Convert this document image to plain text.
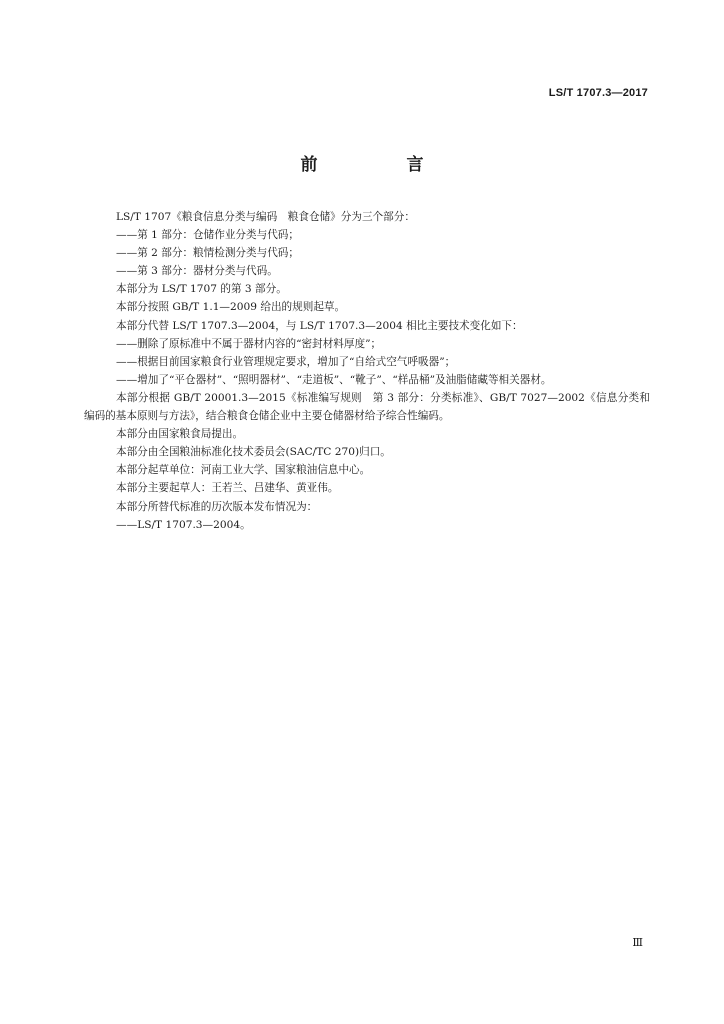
LS/T 1707.3—2017
前　言

LS/T 1707《粮食信息分类与编码　粮食仓储》分为三个部分：

——第 1 部分：仓储作业分类与代码；

——第 2 部分：粮情检测分类与代码；

——第 3 部分：器材分类与代码。

本部分为 LS/T 1707 的第 3 部分。

本部分按照 GB/T 1.1—2009 给出的规则起草。

本部分代替 LS/T 1707.3—2004，与 LS/T 1707.3—2004 相比主要技术变化如下：

——删除了原标准中不属于器材内容的“密封材料厚度”；

——根据目前国家粮食行业管理规定要求，增加了“自给式空气呼吸器”；

——增加了“平仓器材”、“照明器材”、“走道板”、“靴子”、“样品桶”及油脂储藏等相关器材。

本部分根据 GB/T 20001.3—2015《标准编写规则　第 3 部分：分类标准》、GB/T 7027—2002《信息分类和编码的基本原则与方法》，结合粮食仓储企业中主要仓储器材给予综合性编码。

本部分由国家粮食局提出。

本部分由全国粮油标准化技术委员会(SAC/TC 270)归口。

本部分起草单位：河南工业大学、国家粮油信息中心。

本部分主要起草人：王若兰、吕建华、黄亚伟。

本部分所替代标准的历次版本发布情况为：

——LS/T 1707.3—2004。

Ⅲ
